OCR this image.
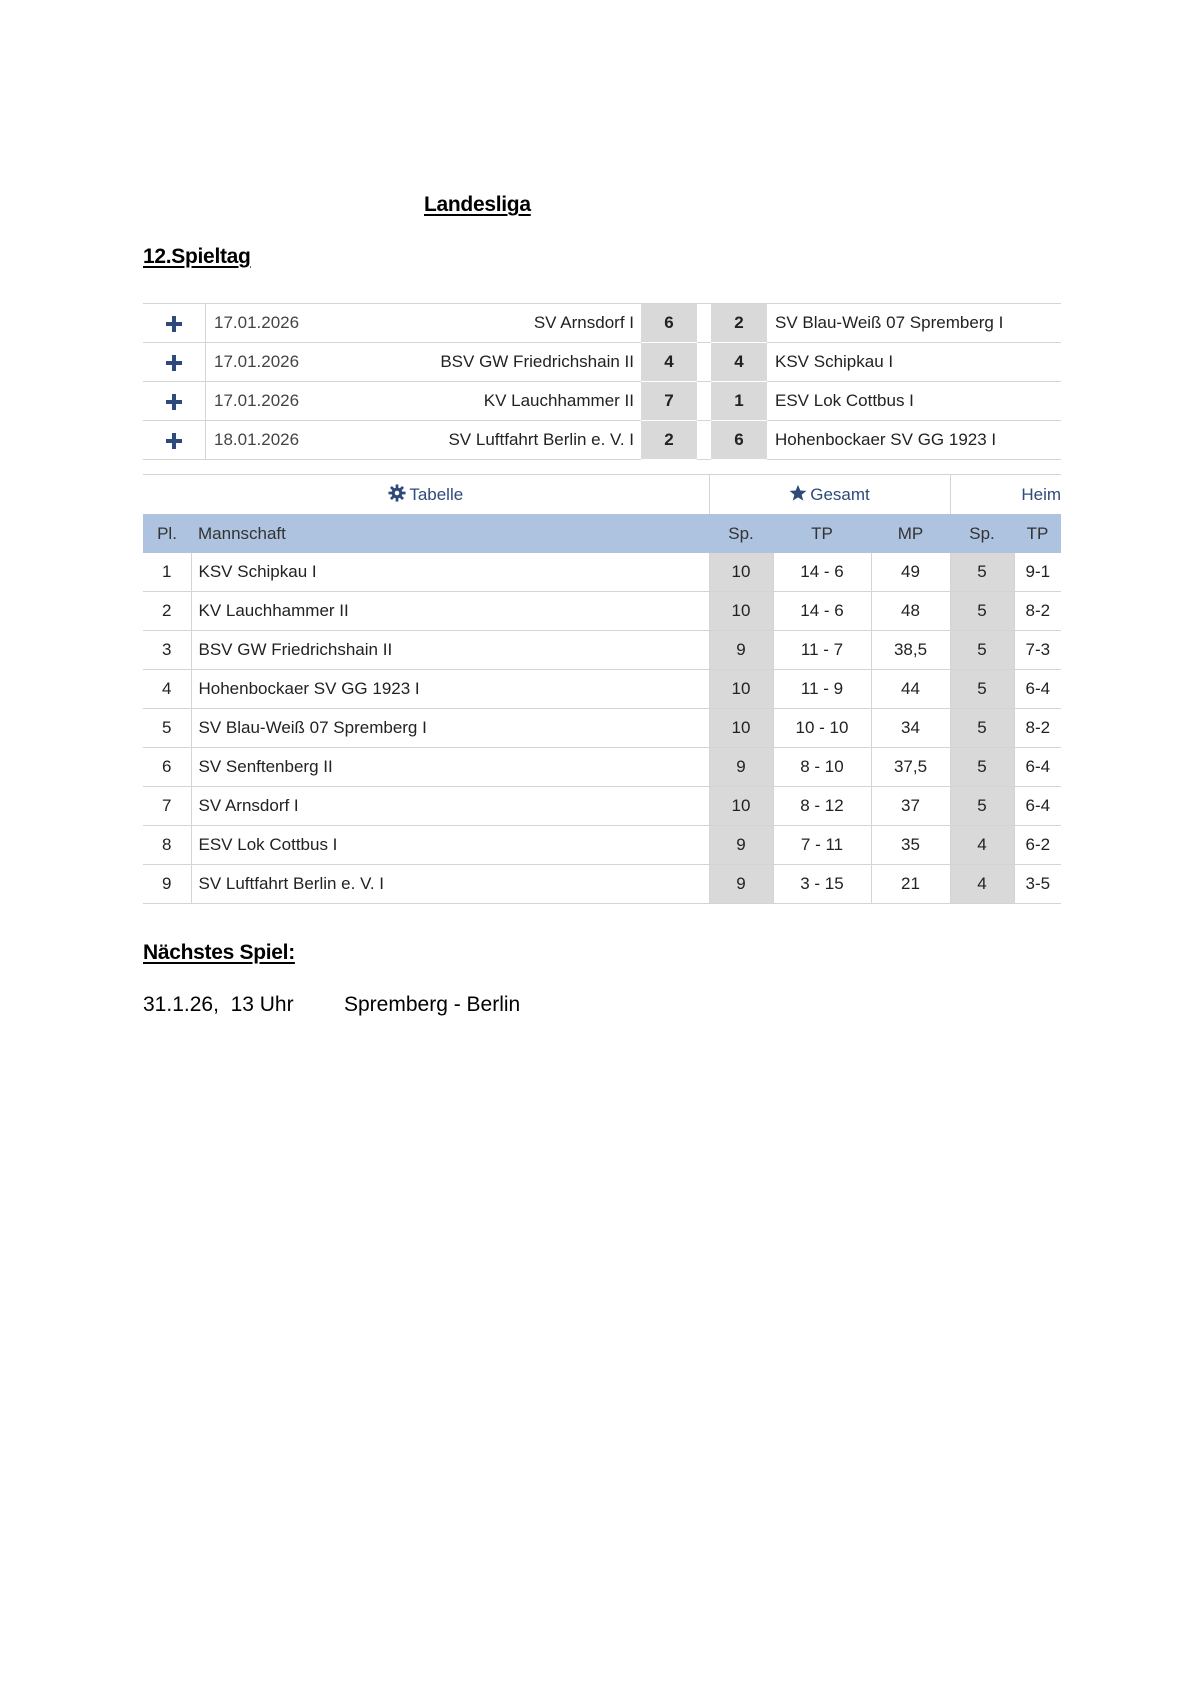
Landesliga
12.Spieltag
	17.01.2026	SV Arnsdorf I	6		2	SV Blau-Weiß 07 Spremberg I
	17.01.2026	BSV GW Friedrichshain II	4		4	KSV Schipkau I
	17.01.2026	KV Lauchhammer II	7		1	ESV Lok Cottbus I
	18.01.2026	SV Luftfahrt Berlin e. V. I	2		6	Hohenbockaer SV GG 1923 I
Tabelle		Gesamt			Heim	
Pl.	Mannschaft	Sp.	TP	MP	Sp.	TP
1	KSV Schipkau I	10	14 - 6	49	5	9-1
2	KV Lauchhammer II	10	14 - 6	48	5	8-2
3	BSV GW Friedrichshain II	9	11 - 7	38,5	5	7-3
4	Hohenbockaer SV GG 1923 I	10	11 - 9	44	5	6-4
5	SV Blau-Weiß 07 Spremberg I	10	10 - 10	34	5	8-2
6	SV Senftenberg II	9	8 - 10	37,5	5	6-4
7	SV Arnsdorf I	10	8 - 12	37	5	6-4
8	ESV Lok Cottbus I	9	7 - 11	35	4	6-2
9	SV Luftfahrt Berlin e. V. I	9	3 - 15	21	4	3-5
Nächstes Spiel:
31.1.26,  13 Uhr Spremberg - Berlin
